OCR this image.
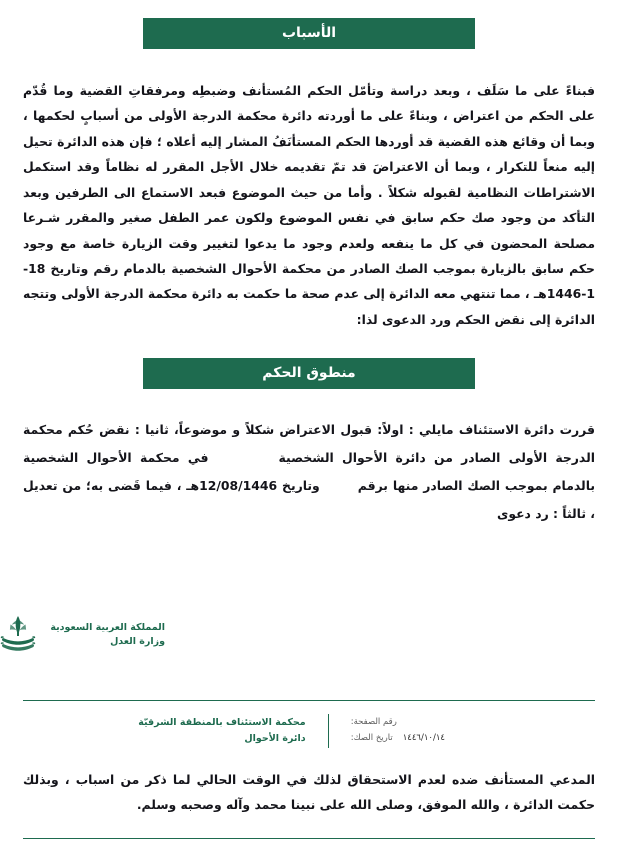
الأسباب
فبناءً على ما سَلَف ، وبعد دراسة وتأمّل الحكم المُستأنف وضبطِه ومرفقاتِ القضية وما قُدّم على الحكم من اعتراض ، وبناءً على ما أوردته دائرة محكمة الدرجة الأولى من أسبابٍ لحكمها ، وبما أن وقائع هذه القضية قد أوردها الحكم المستأنَفُ المشار إليه أعلاه ؛ فإن هذه الدائرة تحيل إليه منعاً للتكرار ، وبما أن الاعتراضَ قد تمّ تقديمه خلال الأجل المقرر له نظاماً وقد استكمل الاشتراطات النظامية لقبوله شكلاً . وأما من حيث الموضوع فبعد الاستماع الى الطرفين وبعد التأكد من وجود صك حكم سابق في نفس الموضوع ولكون عمر الطفل صغير والمقرر شـرعا مصلحة المحضون في كل ما ينفعه ولعدم وجود ما يدعوا لتغيير وقت الزيارة خاصة مع وجود حكم سابق بالزيارة بموجب الصك الصادر من محكمة الأحوال الشخصية بالدمام رقم وتاريخ 18-1-1446هـ ، مما تنتهي معه الدائرة إلى عدم صحة ما حكمت به دائرة محكمة الدرجة الأولى وتتجه الدائرة إلى نقض الحكم ورد الدعوى لذا:
منطوق الحكم
قررت دائرة الاستئناف مايلي : اولاً: قبول الاعتراض شكلاً و موضوعاً، ثانيا : نقض حُكم محكمة الدرجة الأولى الصادر من دائرة الأحوال الشخصيةفي محكمة الأحوال الشخصية بالدمام بموجب الصك الصادر منها برقموتاريخ 12/08/1446هـ ، فيما قَضى به؛ من تعديل ، ثالثاً : رد دعوى
المملكة العربية السعودية
وزارة العدل
رقم الصفحة:
١٤٤٦/١٠/١٤
تاريخ الصك:
محكمة الاستئناف بالمنطقة الشرقيّة
دائرة الأحوال
المدعي المستأنف ضده لعدم الاستحقاق لذلك في الوقت الحالي لما ذكر من اسباب ، وبذلك حكمت الدائرة ، والله الموفق، وصلى الله على نبينا محمد وآله وصحبه وسلم.
